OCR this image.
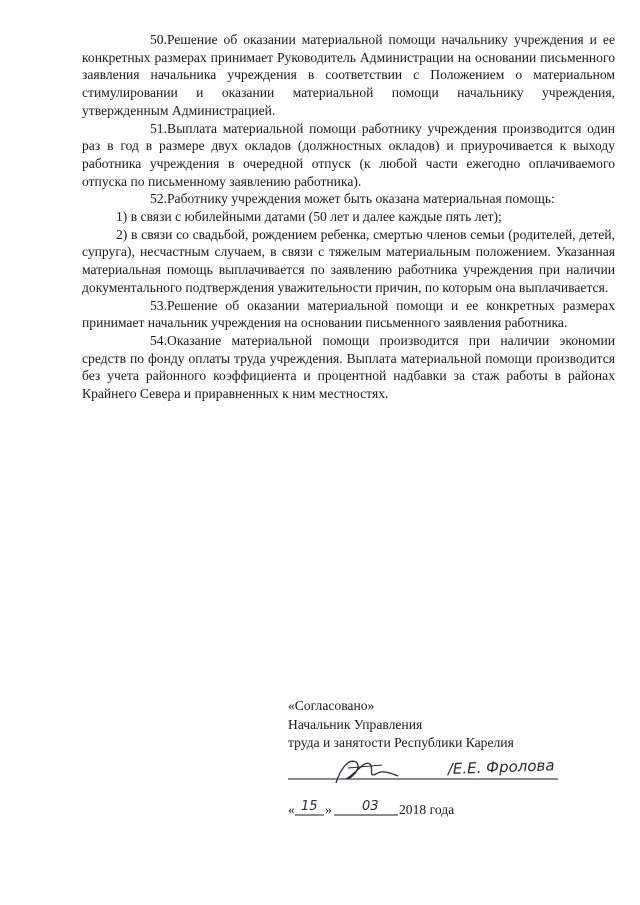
50.Решение об оказании материальной помощи начальнику учреждения и ее конкретных размерах принимает Руководитель Администрации на основании письменного заявления начальника учреждения в соответствии с Положением о материальном стимулировании и оказании материальной помощи начальнику учреждения, утвержденным Администрацией.

51.Выплата материальной помощи работнику учреждения производится один раз в год в размере двух окладов (должностных окладов) и приурочивается к выходу работника учреждения в очередной отпуск (к любой части ежегодно оплачиваемого отпуска по письменному заявлению работника).

52.Работнику учреждения может быть оказана материальная помощь:

1) в связи с юбилейными датами (50 лет и далее каждые пять лет);

2) в связи со свадьбой, рождением ребенка, смертью членов семьи (родителей, детей, супруга), несчастным случаем, в связи с тяжелым материальным положением. Указанная материальная помощь выплачивается по заявлению работника учреждения при наличии документального подтверждения уважительности причин, по которым она выплачивается.

53.Решение об оказании материальной помощи и ее конкретных размерах принимает начальник учреждения на основании письменного заявления работника.

54.Оказание материальной помощи производится при наличии экономии средств по фонду оплаты труда учреждения. Выплата материальной помощи производится без учета районного коэффициента и процентной надбавки за стаж работы в районах Крайнего Севера и приравненных к ним местностях.

«Согласовано»

Начальник Управления

труда и занятости Республики Карелия

/Е.Е. Фролова
« 15 » 03 2018 года
